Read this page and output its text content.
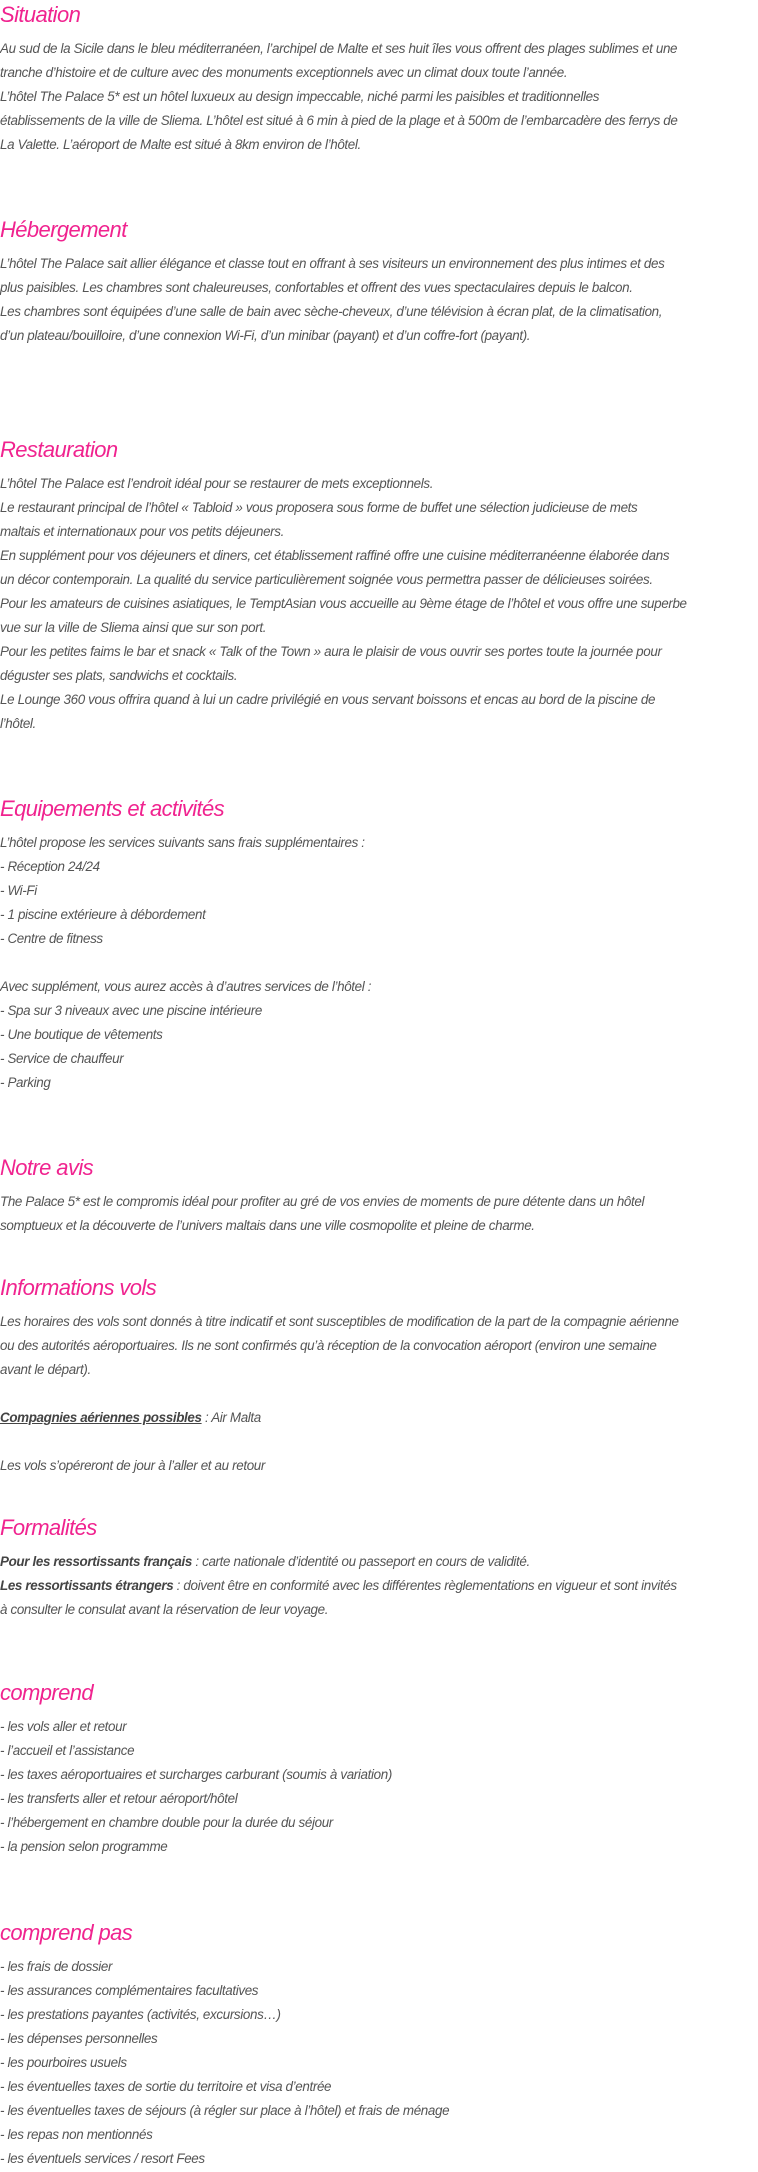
Situation
Au sud de la Sicile dans le bleu méditerranéen, l’archipel de Malte et ses huit îles vous offrent des plages sublimes et une
tranche d’histoire et de culture avec des monuments exceptionnels avec un climat doux toute l’année.
L’hôtel The Palace 5* est un hôtel luxueux au design impeccable, niché parmi les paisibles et traditionnelles
établissements de la ville de Sliema. L’hôtel est situé à 6 min à pied de la plage et à 500m de l’embarcadère des ferrys de
La Valette. L’aéroport de Malte est situé à 8km environ de l’hôtel.
Hébergement
L’hôtel The Palace sait allier élégance et classe tout en offrant à ses visiteurs un environnement des plus intimes et des
plus paisibles. Les chambres sont chaleureuses, confortables et offrent des vues spectaculaires depuis le balcon.
Les chambres sont équipées d’une salle de bain avec sèche-cheveux, d’une télévision à écran plat, de la climatisation,
d’un plateau/bouilloire, d’une connexion Wi-Fi, d’un minibar (payant) et d’un coffre-fort (payant).
Restauration
L’hôtel The Palace est l’endroit idéal pour se restaurer de mets exceptionnels.
Le restaurant principal de l’hôtel « Tabloid » vous proposera sous forme de buffet une sélection judicieuse de mets
maltais et internationaux pour vos petits déjeuners.
En supplément pour vos déjeuners et diners, cet établissement raffiné offre une cuisine méditerranéenne élaborée dans
un décor contemporain. La qualité du service particulièrement soignée vous permettra passer de délicieuses soirées.
Pour les amateurs de cuisines asiatiques, le TemptAsian vous accueille au 9ème étage de l’hôtel et vous offre une superbe
vue sur la ville de Sliema ainsi que sur son port.
Pour les petites faims le bar et snack « Talk of the Town » aura le plaisir de vous ouvrir ses portes toute la journée pour
déguster ses plats, sandwichs et cocktails.
Le Lounge 360 vous offrira quand à lui un cadre privilégié en vous servant boissons et encas au bord de la piscine de
l’hôtel.
Equipements et activités
L’hôtel propose les services suivants sans frais supplémentaires :
- Réception 24/24
- Wi-Fi
- 1 piscine extérieure à débordement
- Centre de fitness
Avec supplément, vous aurez accès à d’autres services de l’hôtel :
- Spa sur 3 niveaux avec une piscine intérieure
- Une boutique de vêtements
- Service de chauffeur
- Parking
Notre avis
The Palace 5* est le compromis idéal pour profiter au gré de vos envies de moments de pure détente dans un hôtel
somptueux et la découverte de l’univers maltais dans une ville cosmopolite et pleine de charme.
Informations vols
Les horaires des vols sont donnés à titre indicatif et sont susceptibles de modification de la part de la compagnie aérienne
ou des autorités aéroportuaires. Ils ne sont confirmés qu’à réception de la convocation aéroport (environ une semaine
avant le départ).
Compagnies aériennes possibles : Air Malta
Les vols s’opéreront de jour à l’aller et au retour
Formalités
Pour les ressortissants français : carte nationale d’identité ou passeport en cours de validité.
Les ressortissants étrangers : doivent être en conformité avec les différentes règlementations en vigueur et sont invités
à consulter le consulat avant la réservation de leur voyage.
comprend
- les vols aller et retour
- l’accueil et l’assistance
- les taxes aéroportuaires et surcharges carburant (soumis à variation)
- les transferts aller et retour aéroport/hôtel
- l’hébergement en chambre double pour la durée du séjour
- la pension selon programme
comprend pas
- les frais de dossier
- les assurances complémentaires facultatives
- les prestations payantes (activités, excursions…)
- les dépenses personnelles
- les pourboires usuels
- les éventuelles taxes de sortie du territoire et visa d’entrée
- les éventuelles taxes de séjours (à régler sur place à l’hôtel) et frais de ménage
- les repas non mentionnés
- les éventuels services / resort Fees
